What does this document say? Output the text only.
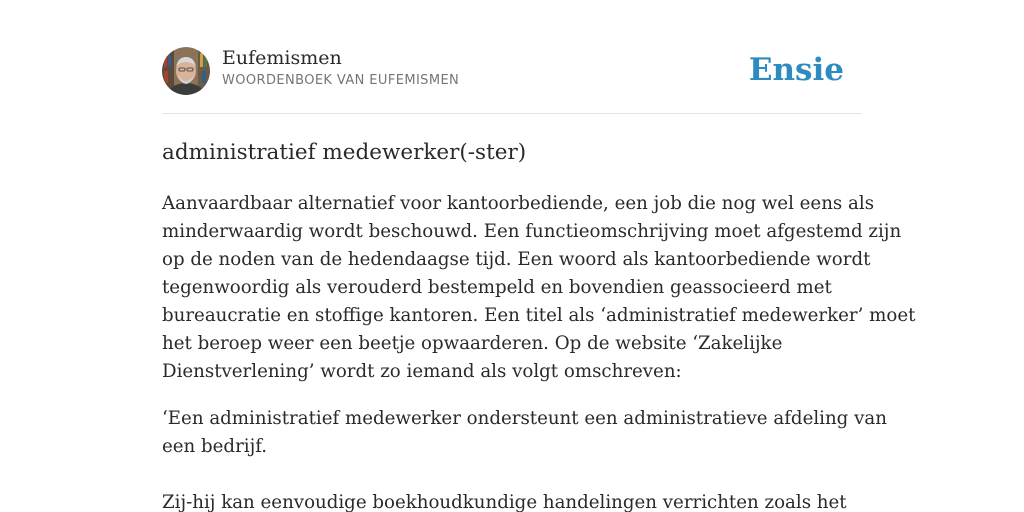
Eufemismen
WOORDENBOEK VAN EUFEMISMEN	Ensie
administratief medewerker(-ster)

Aanvaardbaar alternatief voor kantoorbediende, een job die nog wel eens als
minderwaardig wordt beschouwd. Een functieomschrijving moet afgestemd zijn
op de noden van de hedendaagse tijd. Een woord als kantoorbediende wordt
tegenwoordig als verouderd bestempeld en bovendien geassocieerd met
bureaucratie en stoffige kantoren. Een titel als ‘administratief medewerker’ moet
het beroep weer een beetje opwaarderen. Op de website ‘Zakelijke
Dienstverlening’ wordt zo iemand als volgt omschreven:

‘Een administratief medewerker ondersteunt een administratieve afdeling van
een bedrijf.

Zij-hij kan eenvoudige boekhoudkundige handelingen verrichten zoals het
